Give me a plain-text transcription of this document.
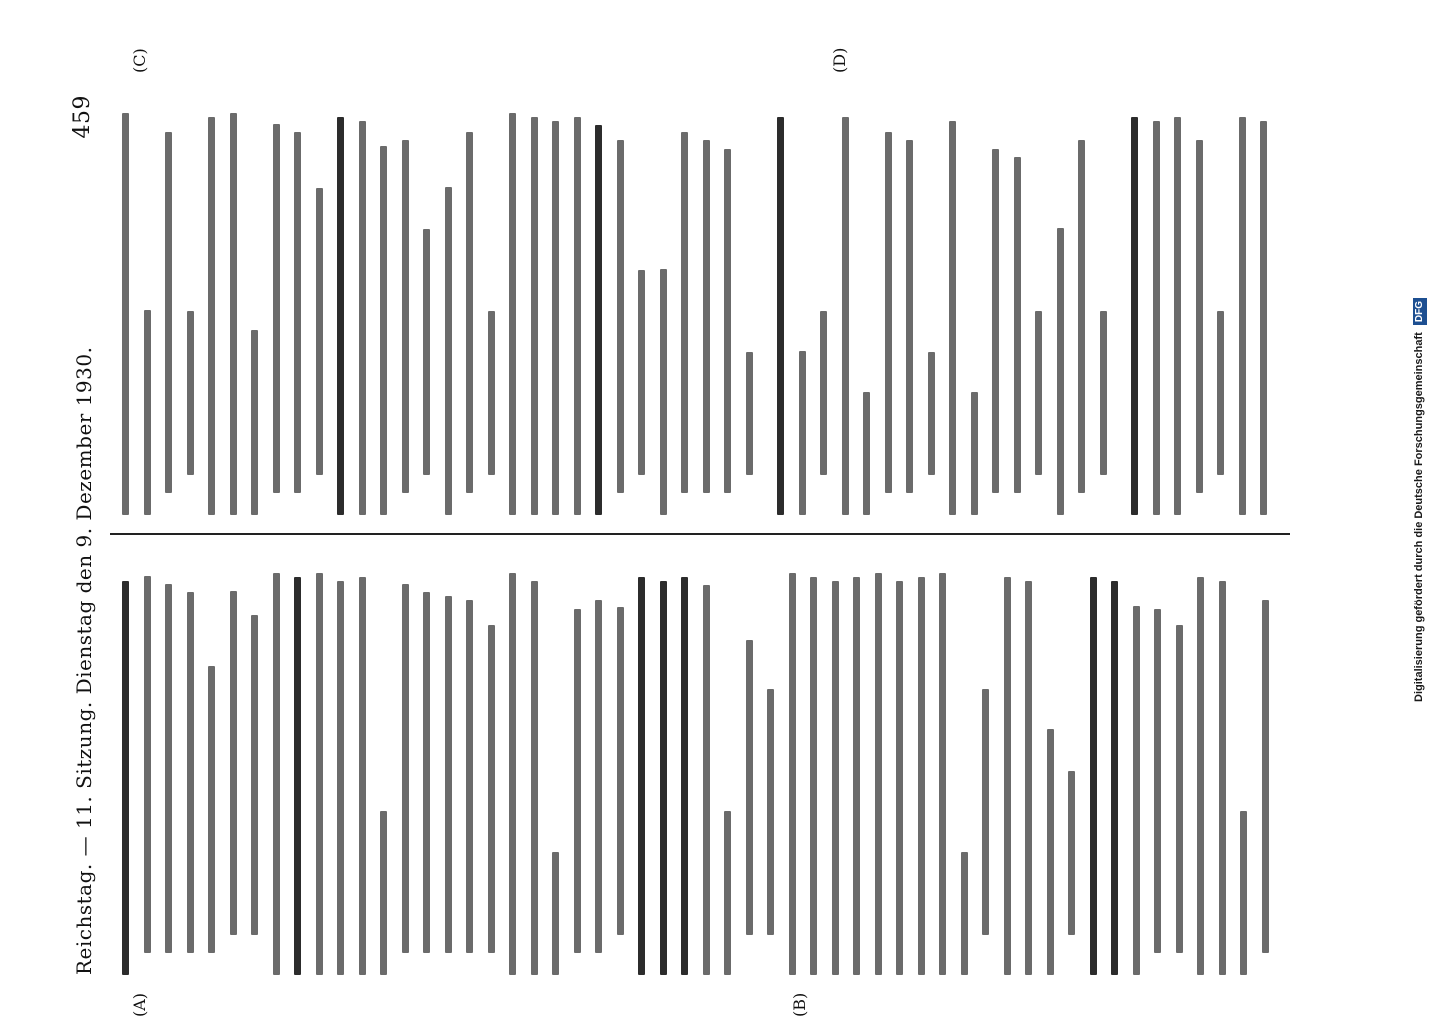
Reichstag. — 11. Sitzung. Dienstag den 9. Dezember 1930.
459
(A)	(B)
(C)	(D)
Digitalisierung gefördert durch die Deutsche Forschungsgemeinschaft DFG
